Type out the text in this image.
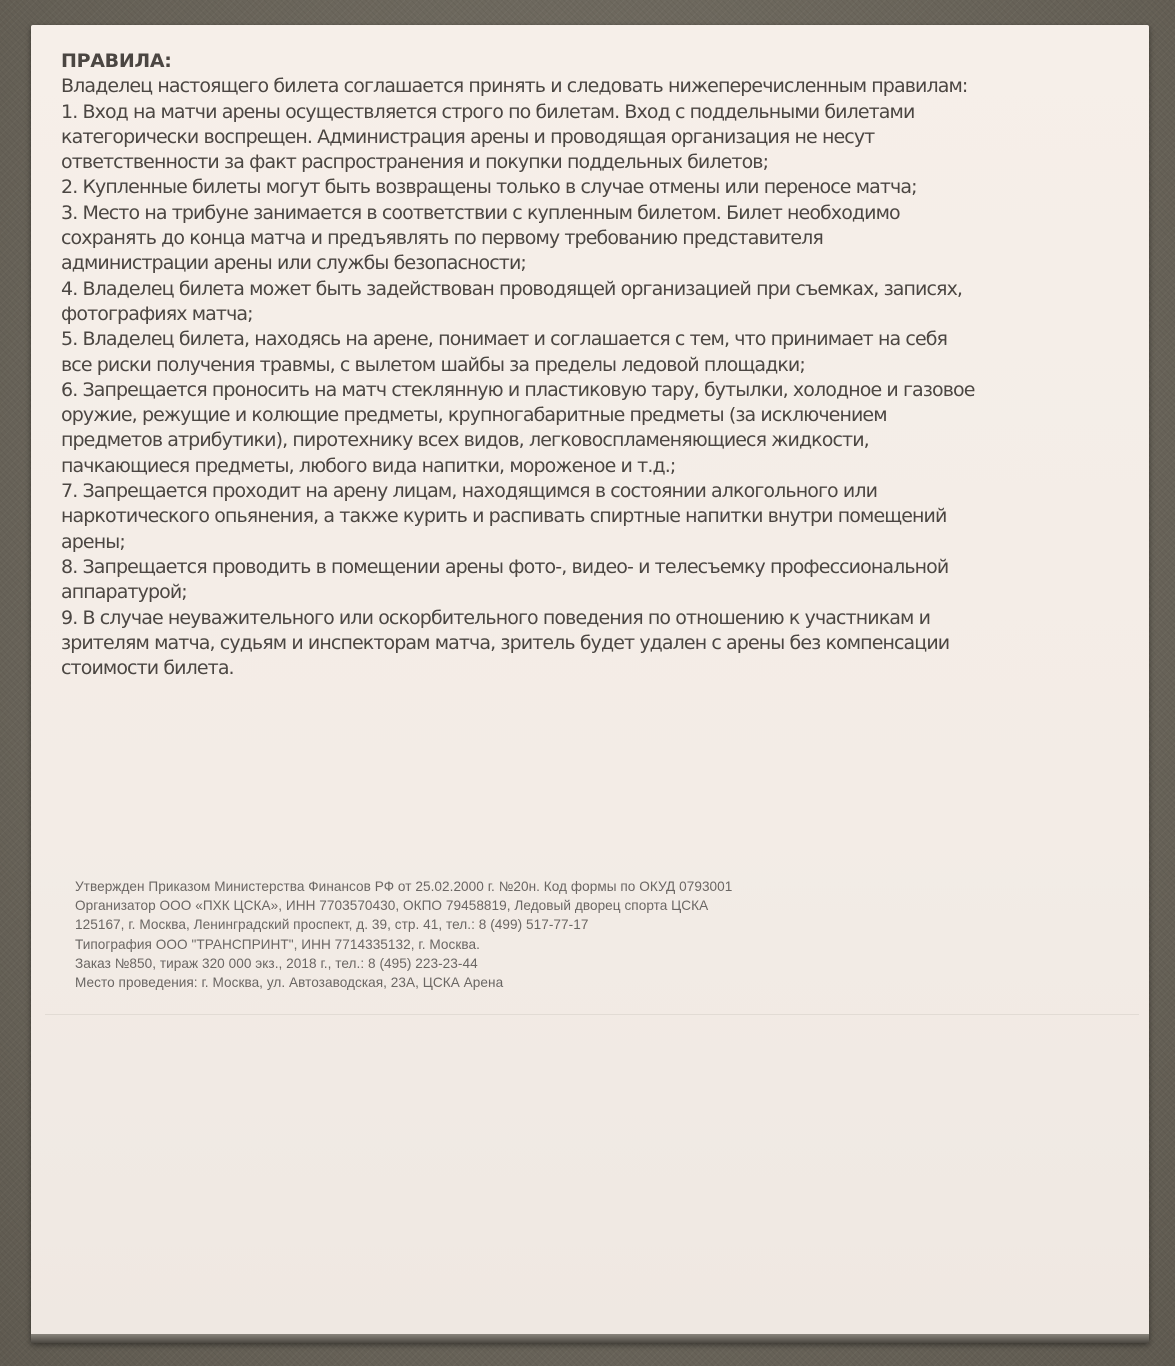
ПРАВИЛА:

Владелец настоящего билета соглашается принять и следовать нижеперечисленным правилам:

1. Вход на матчи арены осуществляется строго по билетам. Вход с поддельными билетами

категорически воспрещен. Администрация арены и проводящая организация не несут

ответственности за факт распространения и покупки поддельных билетов;

2. Купленные билеты могут быть возвращены только в случае отмены или переносе матча;

3. Место на трибуне занимается в соответствии с купленным билетом. Билет необходимо

сохранять до конца матча и предъявлять по первому требованию представителя

администрации арены или службы безопасности;

4. Владелец билета может быть задействован проводящей организацией при съемках, записях,

фотографиях матча;

5. Владелец билета, находясь на арене, понимает и соглашается с тем, что принимает на себя

все риски получения травмы, с вылетом шайбы за пределы ледовой площадки;

6. Запрещается проносить на матч стеклянную и пластиковую тару, бутылки, холодное и газовое

оружие, режущие и колющие предметы, крупногабаритные предметы (за исключением

предметов атрибутики), пиротехнику всех видов, легковоспламеняющиеся жидкости,

пачкающиеся предметы, любого вида напитки, мороженое и т.д.;

7. Запрещается проходит на арену лицам, находящимся в состоянии алкогольного или

наркотического опьянения, а также курить и распивать спиртные напитки внутри помещений

арены;

8. Запрещается проводить в помещении арены фото-, видео- и телесъемку профессиональной

аппаратурой;

9. В случае неуважительного или оскорбительного поведения по отношению к участникам и

зрителям матча, судьям и инспекторам матча, зритель будет удален с арены без компенсации

стоимости билета.

Утвержден Приказом Министерства Финансов РФ от 25.02.2000 г. №20н. Код формы по ОКУД 0793001

Организатор ООО «ПХК ЦСКА», ИНН 7703570430, ОКПО 79458819, Ледовый дворец спорта ЦСКА

125167, г. Москва, Ленинградский проспект, д. 39, стр. 41, тел.: 8 (499) 517-77-17

Типография ООО "ТРАНСПРИНТ", ИНН 7714335132, г. Москва.

Заказ №850, тираж 320 000 экз., 2018 г., тел.: 8 (495) 223-23-44

Место проведения: г. Москва, ул. Автозаводская, 23А, ЦСКА Арена
